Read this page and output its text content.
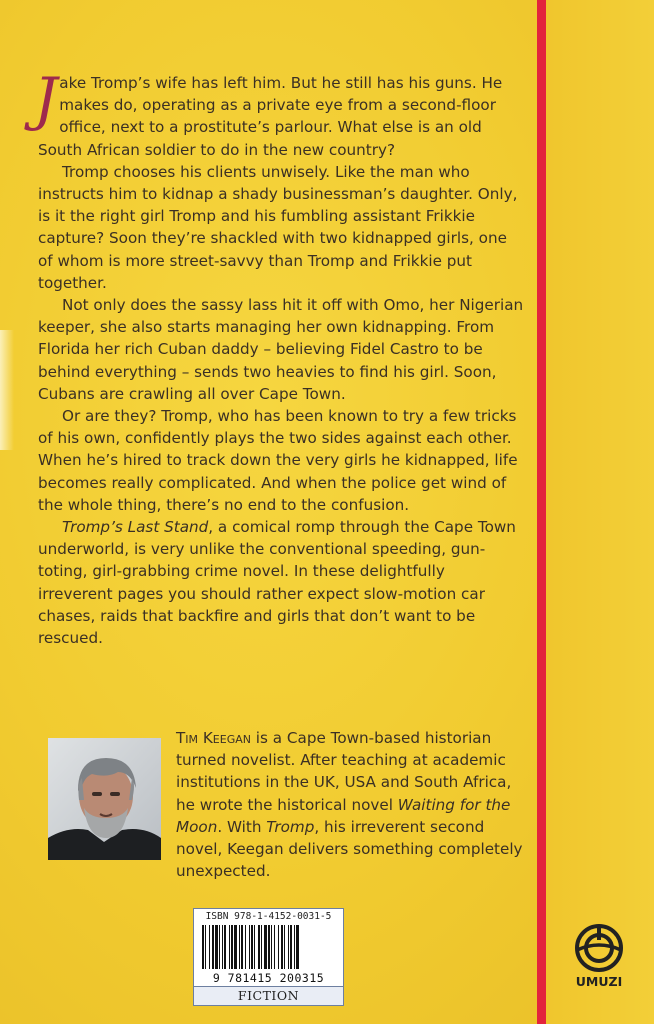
Jake Tromp’s wife has left him. But he still has his guns. He makes do, operating as a private eye from a second-floor office, next to a prostitute’s parlour. What else is an old South African soldier to do in the new country?

Tromp chooses his clients unwisely. Like the man who instructs him to kidnap a shady businessman’s daughter. Only, is it the right girl Tromp and his fumbling assistant Frikkie capture? Soon they’re shackled with two kidnapped girls, one of whom is more street-savvy than Tromp and Frikkie put together.

Not only does the sassy lass hit it off with Omo, her Nigerian keeper, she also starts managing her own kidnapping. From Florida her rich Cuban daddy – believing Fidel Castro to be behind everything – sends two heavies to find his girl. Soon, Cubans are crawling all over Cape Town.

Or are they? Tromp, who has been known to try a few tricks of his own, confidently plays the two sides against each other. When he’s hired to track down the very girls he kidnapped, life becomes really complicated. And when the police get wind of the whole thing, there’s no end to the confusion.

Tromp’s Last Stand, a comical romp through the Cape Town underworld, is very unlike the conventional speeding, gun-toting, girl-grabbing crime novel. In these delightfully irreverent pages you should rather expect slow-motion car chases, raids that backfire and girls that don’t want to be rescued.

Tim Keegan is a Cape Town-based historian turned novelist. After teaching at academic institutions in the UK, USA and South Africa, he wrote the historical novel Waiting for the Moon. With Tromp, his irreverent second novel, Keegan delivers something completely unexpected.

ISBN 978-1-4152-0031-5
9 781415 200315
FICTION
UMUZI
